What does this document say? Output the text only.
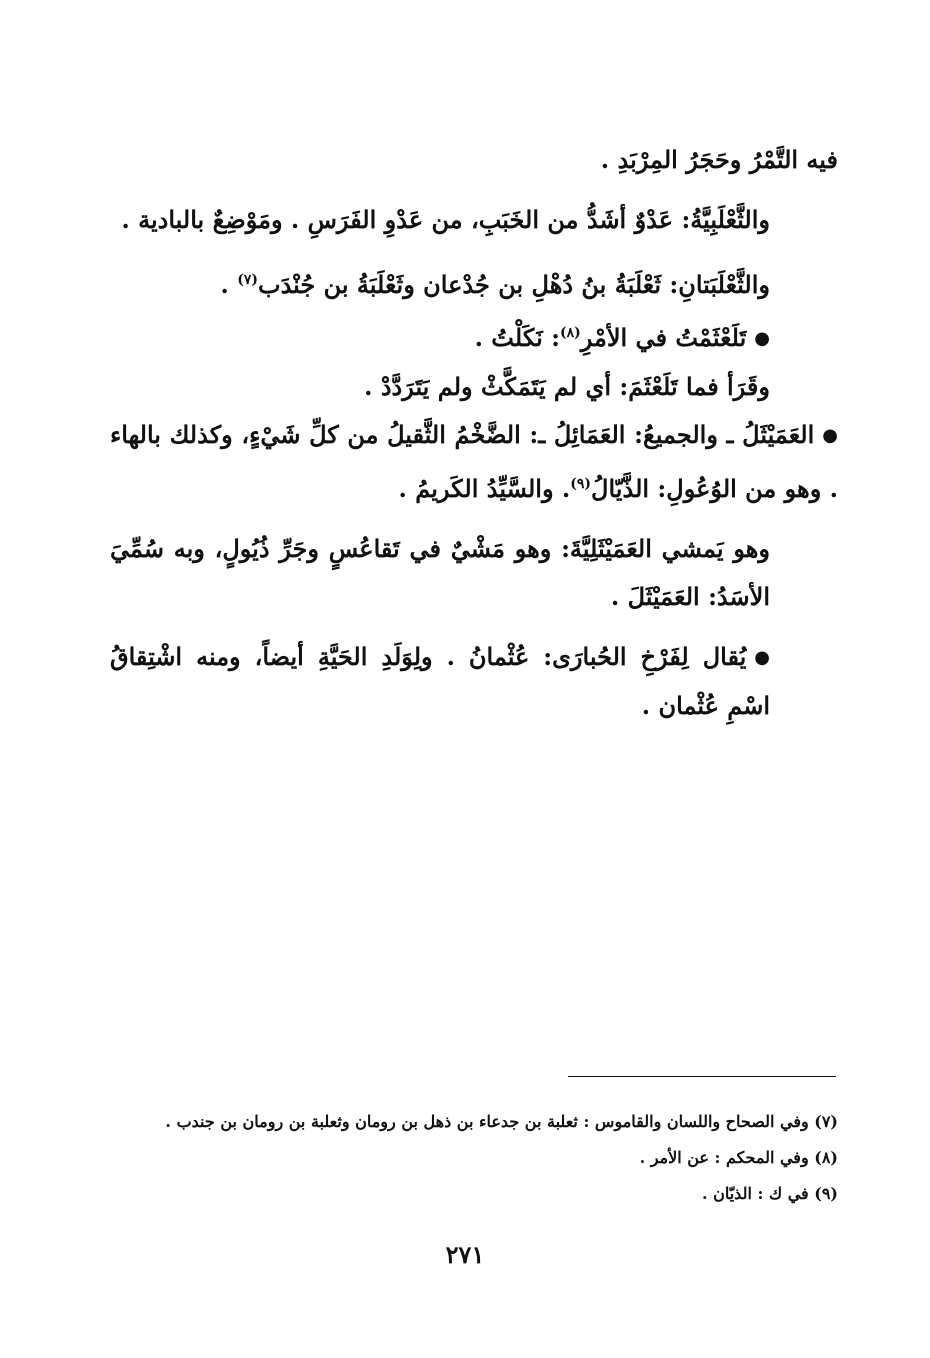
فيه التَّمْرُ وحَجَرُ المِرْبَدِ .

والثَّعْلَبِيَّةُ: عَدْوٌ أشَدُّ من الخَبَبِ، من عَدْوِ الفَرَسِ . ومَوْضِعٌ بالبادية .

والثَّعْلَبَتانِ: ثَعْلَبَةُ بنُ دُهْلِ بن جُدْعان وثَعْلَبَةُ بن جُنْدَب$^{(٧)}$ .

●تَلَعْثَمْتُ في الأمْرِ$^{(٨)}$: نَكَلْتُ .

وقَرَأ فما تَلَعْثَمَ: أي لم يَتَمَكَّثْ ولم يَتَرَدَّدْ .

●العَمَيْثَلُ ـ والجميعُ: العَمَائِلُ ـ: الضَّخْمُ الثَّقيلُ من كلِّ شَيْءٍ، وكذلك بالهاء . وهو من الوُعُولِ: الذَّيّالُ$^{(٩)}$. والسَّيِّدُ الكَريمُ .

وهو يَمشي العَمَيْثَلِيَّةَ: وهو مَشْيٌ في تَقاعُسٍ وجَرِّ ذُيُولٍ، وبه سُمِّيَ الأسَدُ: العَمَيْثَلَ .

●يُقال لِفَرْخِ الحُبارَى: عُثْمانُ . ولِوَلَدِ الحَيَّةِ أيضاً، ومنه اشْتِقاقُ اسْمِ عُثْمان .

(٧) وفي الصحاح واللسان والقاموس : ثعلبة بن جدعاء بن ذهل بن رومان وثعلبة بن رومان بن جندب .

(٨) وفي المحكم : عن الأمر .

(٩) في ك : الذيّان .

٢٧١
